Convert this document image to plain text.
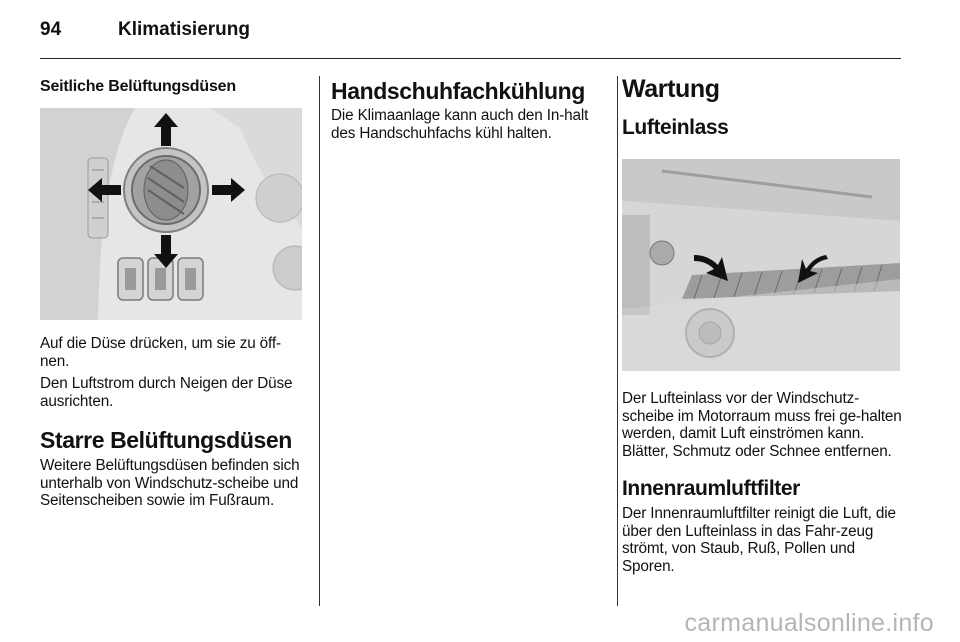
94	Klimatisierung
Seitliche Belüftungsdüsen

Auf die Düse drücken, um sie zu öff-nen.

Den Luftstrom durch Neigen der Düse ausrichten.

Starre Belüftungsdüsen

Weitere Belüftungsdüsen befinden sich unterhalb von Windschutz-scheibe und Seitenscheiben sowie im Fußraum.

Handschuhfachkühlung

Die Klimaanlage kann auch den In-halt des Handschuhfachs kühl halten.

Wartung
Lufteinlass

Der Lufteinlass vor der Windschutz-scheibe im Motorraum muss frei ge-halten werden, damit Luft einströmen kann. Blätter, Schmutz oder Schnee entfernen.

Innenraumluftfilter

Der Innenraumluftfilter reinigt die Luft, die über den Lufteinlass in das Fahr-zeug strömt, von Staub, Ruß, Pollen und Sporen.

carmanualsonline.info
